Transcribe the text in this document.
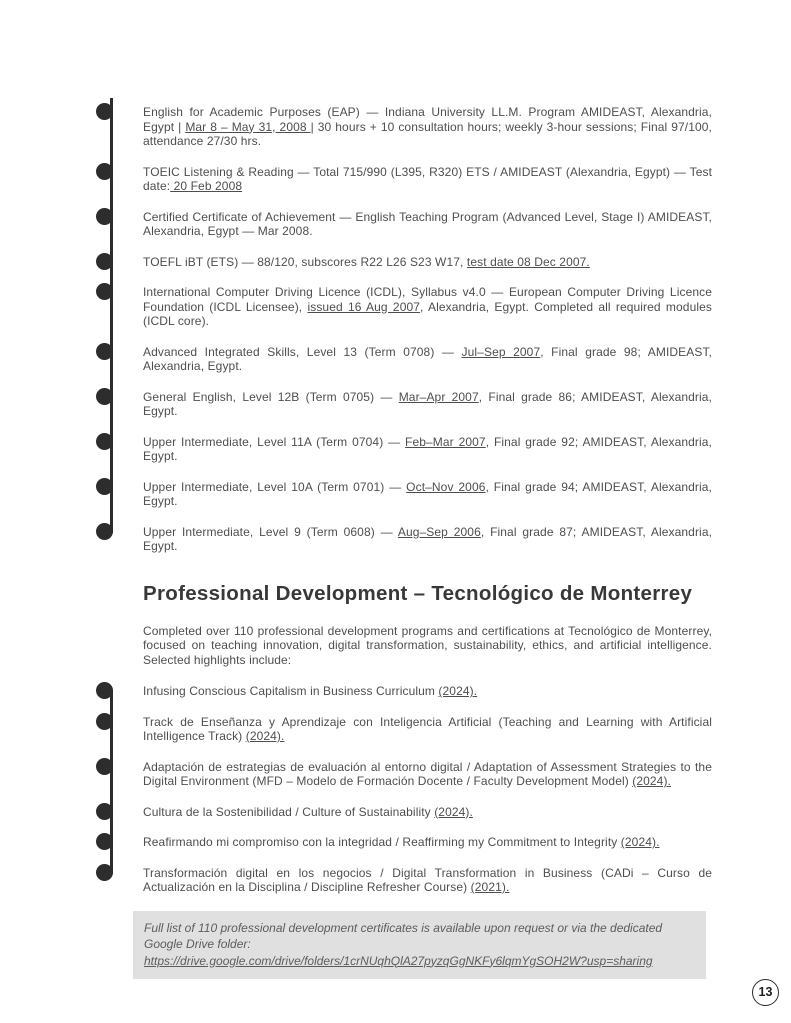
English for Academic Purposes (EAP) — Indiana University LL.M. Program AMIDEAST, Alexandria, Egypt | Mar 8 – May 31, 2008 | 30 hours + 10 consultation hours; weekly 3-hour sessions; Final 97/100, attendance 27/30 hrs.

TOEIC Listening & Reading — Total 715/990 (L395, R320) ETS / AMIDEAST (Alexandria, Egypt) — Test date: 20 Feb 2008

Certified Certificate of Achievement — English Teaching Program (Advanced Level, Stage I) AMIDEAST, Alexandria, Egypt — Mar 2008.

TOEFL iBT (ETS) — 88/120, subscores R22 L26 S23 W17, test date 08 Dec 2007.

International Computer Driving Licence (ICDL), Syllabus v4.0 — European Computer Driving Licence Foundation (ICDL Licensee), issued 16 Aug 2007, Alexandria, Egypt. Completed all required modules (ICDL core).

Advanced Integrated Skills, Level 13 (Term 0708) — Jul–Sep 2007, Final grade 98; AMIDEAST, Alexandria, Egypt.

General English, Level 12B (Term 0705) — Mar–Apr 2007, Final grade 86; AMIDEAST, Alexandria, Egypt.

Upper Intermediate, Level 11A (Term 0704) — Feb–Mar 2007, Final grade 92; AMIDEAST, Alexandria, Egypt.

Upper Intermediate, Level 10A (Term 0701) — Oct–Nov 2006, Final grade 94; AMIDEAST, Alexandria, Egypt.

Upper Intermediate, Level 9 (Term 0608) — Aug–Sep 2006, Final grade 87; AMIDEAST, Alexandria, Egypt.

Professional Development – Tecnológico de Monterrey

Completed over 110 professional development programs and certifications at Tecnológico de Monterrey, focused on teaching innovation, digital transformation, sustainability, ethics, and artificial intelligence. Selected highlights include:

Infusing Conscious Capitalism in Business Curriculum (2024).

Track de Enseñanza y Aprendizaje con Inteligencia Artificial (Teaching and Learning with Artificial Intelligence Track) (2024).

Adaptación de estrategias de evaluación al entorno digital / Adaptation of Assessment Strategies to the Digital Environment (MFD – Modelo de Formación Docente / Faculty Development Model) (2024).

Cultura de la Sostenibilidad / Culture of Sustainability (2024).

Reafirmando mi compromiso con la integridad / Reaffirming my Commitment to Integrity (2024).

Transformación digital en los negocios / Digital Transformation in Business (CADi – Curso de Actualización en la Disciplina / Discipline Refresher Course) (2021).

Full list of 110 professional development certificates is available upon request or via the dedicated Google Drive folder:
https://drive.google.com/drive/folders/1crNUqhQlA27pyzqGgNKFy6lqmYgSOH2W?usp=sharing
13
